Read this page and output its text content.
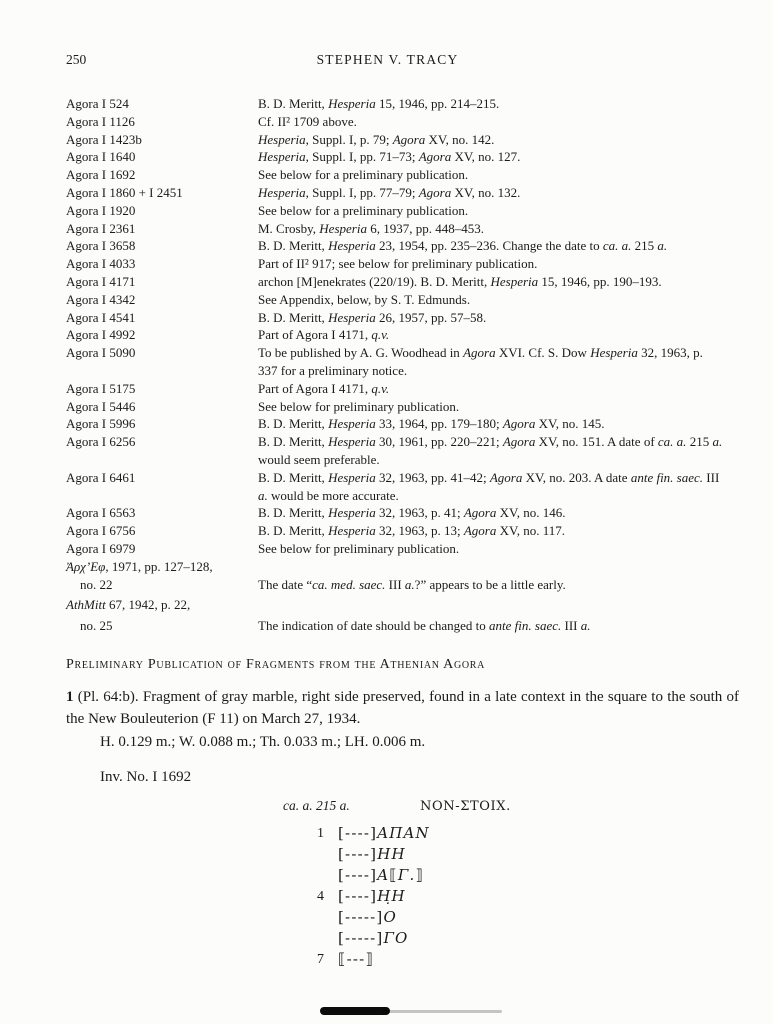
250	STEPHEN V. TRACY
Agora I 524	B. D. Meritt, Hesperia 15, 1946, pp. 214–215.
Agora I 1126	Cf. II² 1709 above.
Agora I 1423b	Hesperia, Suppl. I, p. 79; Agora XV, no. 142.
Agora I 1640	Hesperia, Suppl. I, pp. 71–73; Agora XV, no. 127.
Agora I 1692	See below for a preliminary publication.
Agora I 1860 + I 2451	Hesperia, Suppl. I, pp. 77–79; Agora XV, no. 132.
Agora I 1920	See below for a preliminary publication.
Agora I 2361	M. Crosby, Hesperia 6, 1937, pp. 448–453.
Agora I 3658	B. D. Meritt, Hesperia 23, 1954, pp. 235–236. Change the date to ca. a. 215 a.
Agora I 4033	Part of II² 917; see below for preliminary publication.
Agora I 4171	archon [M]enekrates (220/19). B. D. Meritt, Hesperia 15, 1946, pp. 190–193.
Agora I 4342	See Appendix, below, by S. T. Edmunds.
Agora I 4541	B. D. Meritt, Hesperia 26, 1957, pp. 57–58.
Agora I 4992	Part of Agora I 4171, q.v.
Agora I 5090	To be published by A. G. Woodhead in Agora XVI. Cf. S. Dow Hesperia 32, 1963, p. 337 for a preliminary notice.
Agora I 5175	Part of Agora I 4171, q.v.
Agora I 5446	See below for preliminary publication.
Agora I 5996	B. D. Meritt, Hesperia 33, 1964, pp. 179–180; Agora XV, no. 145.
Agora I 6256	B. D. Meritt, Hesperia 30, 1961, pp. 220–221; Agora XV, no. 151. A date of ca. a. 215 a. would seem preferable.
Agora I 6461	B. D. Meritt, Hesperia 32, 1963, pp. 41–42; Agora XV, no. 203. A date ante fin. saec. III a. would be more accurate.
Agora I 6563	B. D. Meritt, Hesperia 32, 1963, p. 41; Agora XV, no. 146.
Agora I 6756	B. D. Meritt, Hesperia 32, 1963, p. 13; Agora XV, no. 117.
Agora I 6979	See below for preliminary publication.
Ἀρχ’Εφ, 1971, pp. 127–128,
no. 22	The date “ca. med. saec. III a.?” appears to be a little early.
AthMitt 67, 1942, p. 22,
no. 25	The indication of date should be changed to ante fin. saec. III a.
Preliminary Publication of Fragments from the Athenian Agora

1 (Pl. 64:b). Fragment of gray marble, right side preserved, found in a late context in the square to the south of the New Bouleuterion (F 11) on March 27, 1934.

H. 0.129 m.; W. 0.088 m.; Th. 0.033 m.; LH. 0.006 m.

Inv. No. I 1692

ca. a. 215 a.	ΝΟΝ-ΣΤΟΙΧ.
1 [----]ΑΠΑΝ
[----]ΗΗ
[----]Α⟦Γ.⟧
4 [----]Η̣Η
[-----]Ο
[-----]ΓΟ
7 ⟦---⟧
